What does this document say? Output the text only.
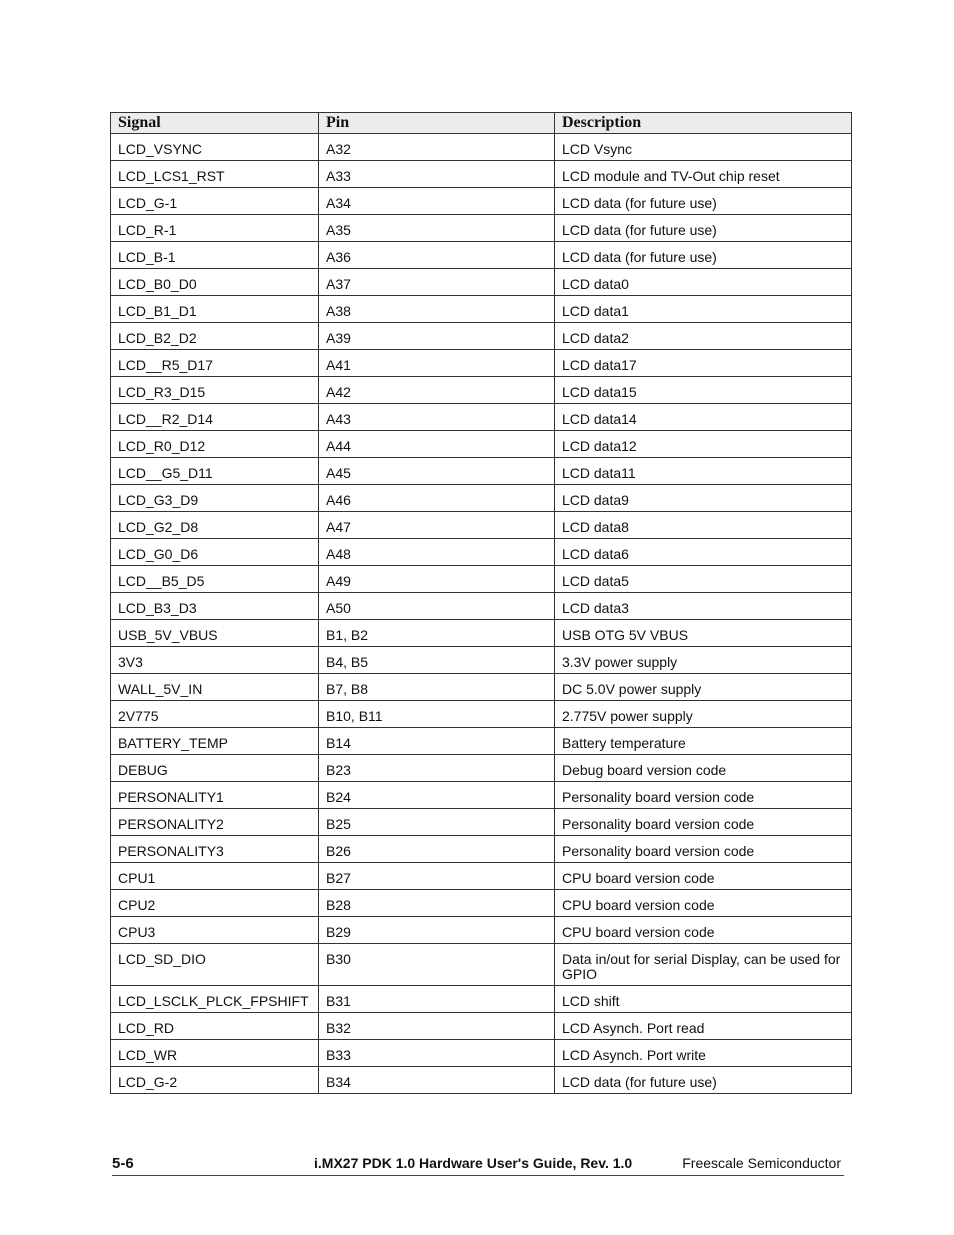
Signal	Pin	Description
LCD_VSYNC	A32	LCD Vsync
LCD_LCS1_RST	A33	LCD module and TV-Out chip reset
LCD_G-1	A34	LCD data (for future use)
LCD_R-1	A35	LCD data (for future use)
LCD_B-1	A36	LCD data (for future use)
LCD_B0_D0	A37	LCD data0
LCD_B1_D1	A38	LCD data1
LCD_B2_D2	A39	LCD data2
LCD__R5_D17	A41	LCD data17
LCD_R3_D15	A42	LCD data15
LCD__R2_D14	A43	LCD data14
LCD_R0_D12	A44	LCD data12
LCD__G5_D11	A45	LCD data11
LCD_G3_D9	A46	LCD data9
LCD_G2_D8	A47	LCD data8
LCD_G0_D6	A48	LCD data6
LCD__B5_D5	A49	LCD data5
LCD_B3_D3	A50	LCD data3
USB_5V_VBUS	B1, B2	USB OTG 5V VBUS
3V3	B4, B5	3.3V power supply
WALL_5V_IN	B7, B8	DC 5.0V power supply
2V775	B10, B11	2.775V power supply
BATTERY_TEMP	B14	Battery temperature
DEBUG	B23	Debug board version code
PERSONALITY1	B24	Personality board version code
PERSONALITY2	B25	Personality board version code
PERSONALITY3	B26	Personality board version code
CPU1	B27	CPU board version code
CPU2	B28	CPU board version code
CPU3	B29	CPU board version code
LCD_SD_DIO	B30	Data in/out for serial Display, can be used for GPIO
LCD_LSCLK_PLCK_FPSHIFT	B31	LCD shift
LCD_RD	B32	LCD Asynch. Port read
LCD_WR	B33	LCD Asynch. Port write
LCD_G-2	B34	LCD data (for future use)
5-6	i.MX27 PDK 1.0 Hardware User's Guide, Rev. 1.0	Freescale Semiconductor
